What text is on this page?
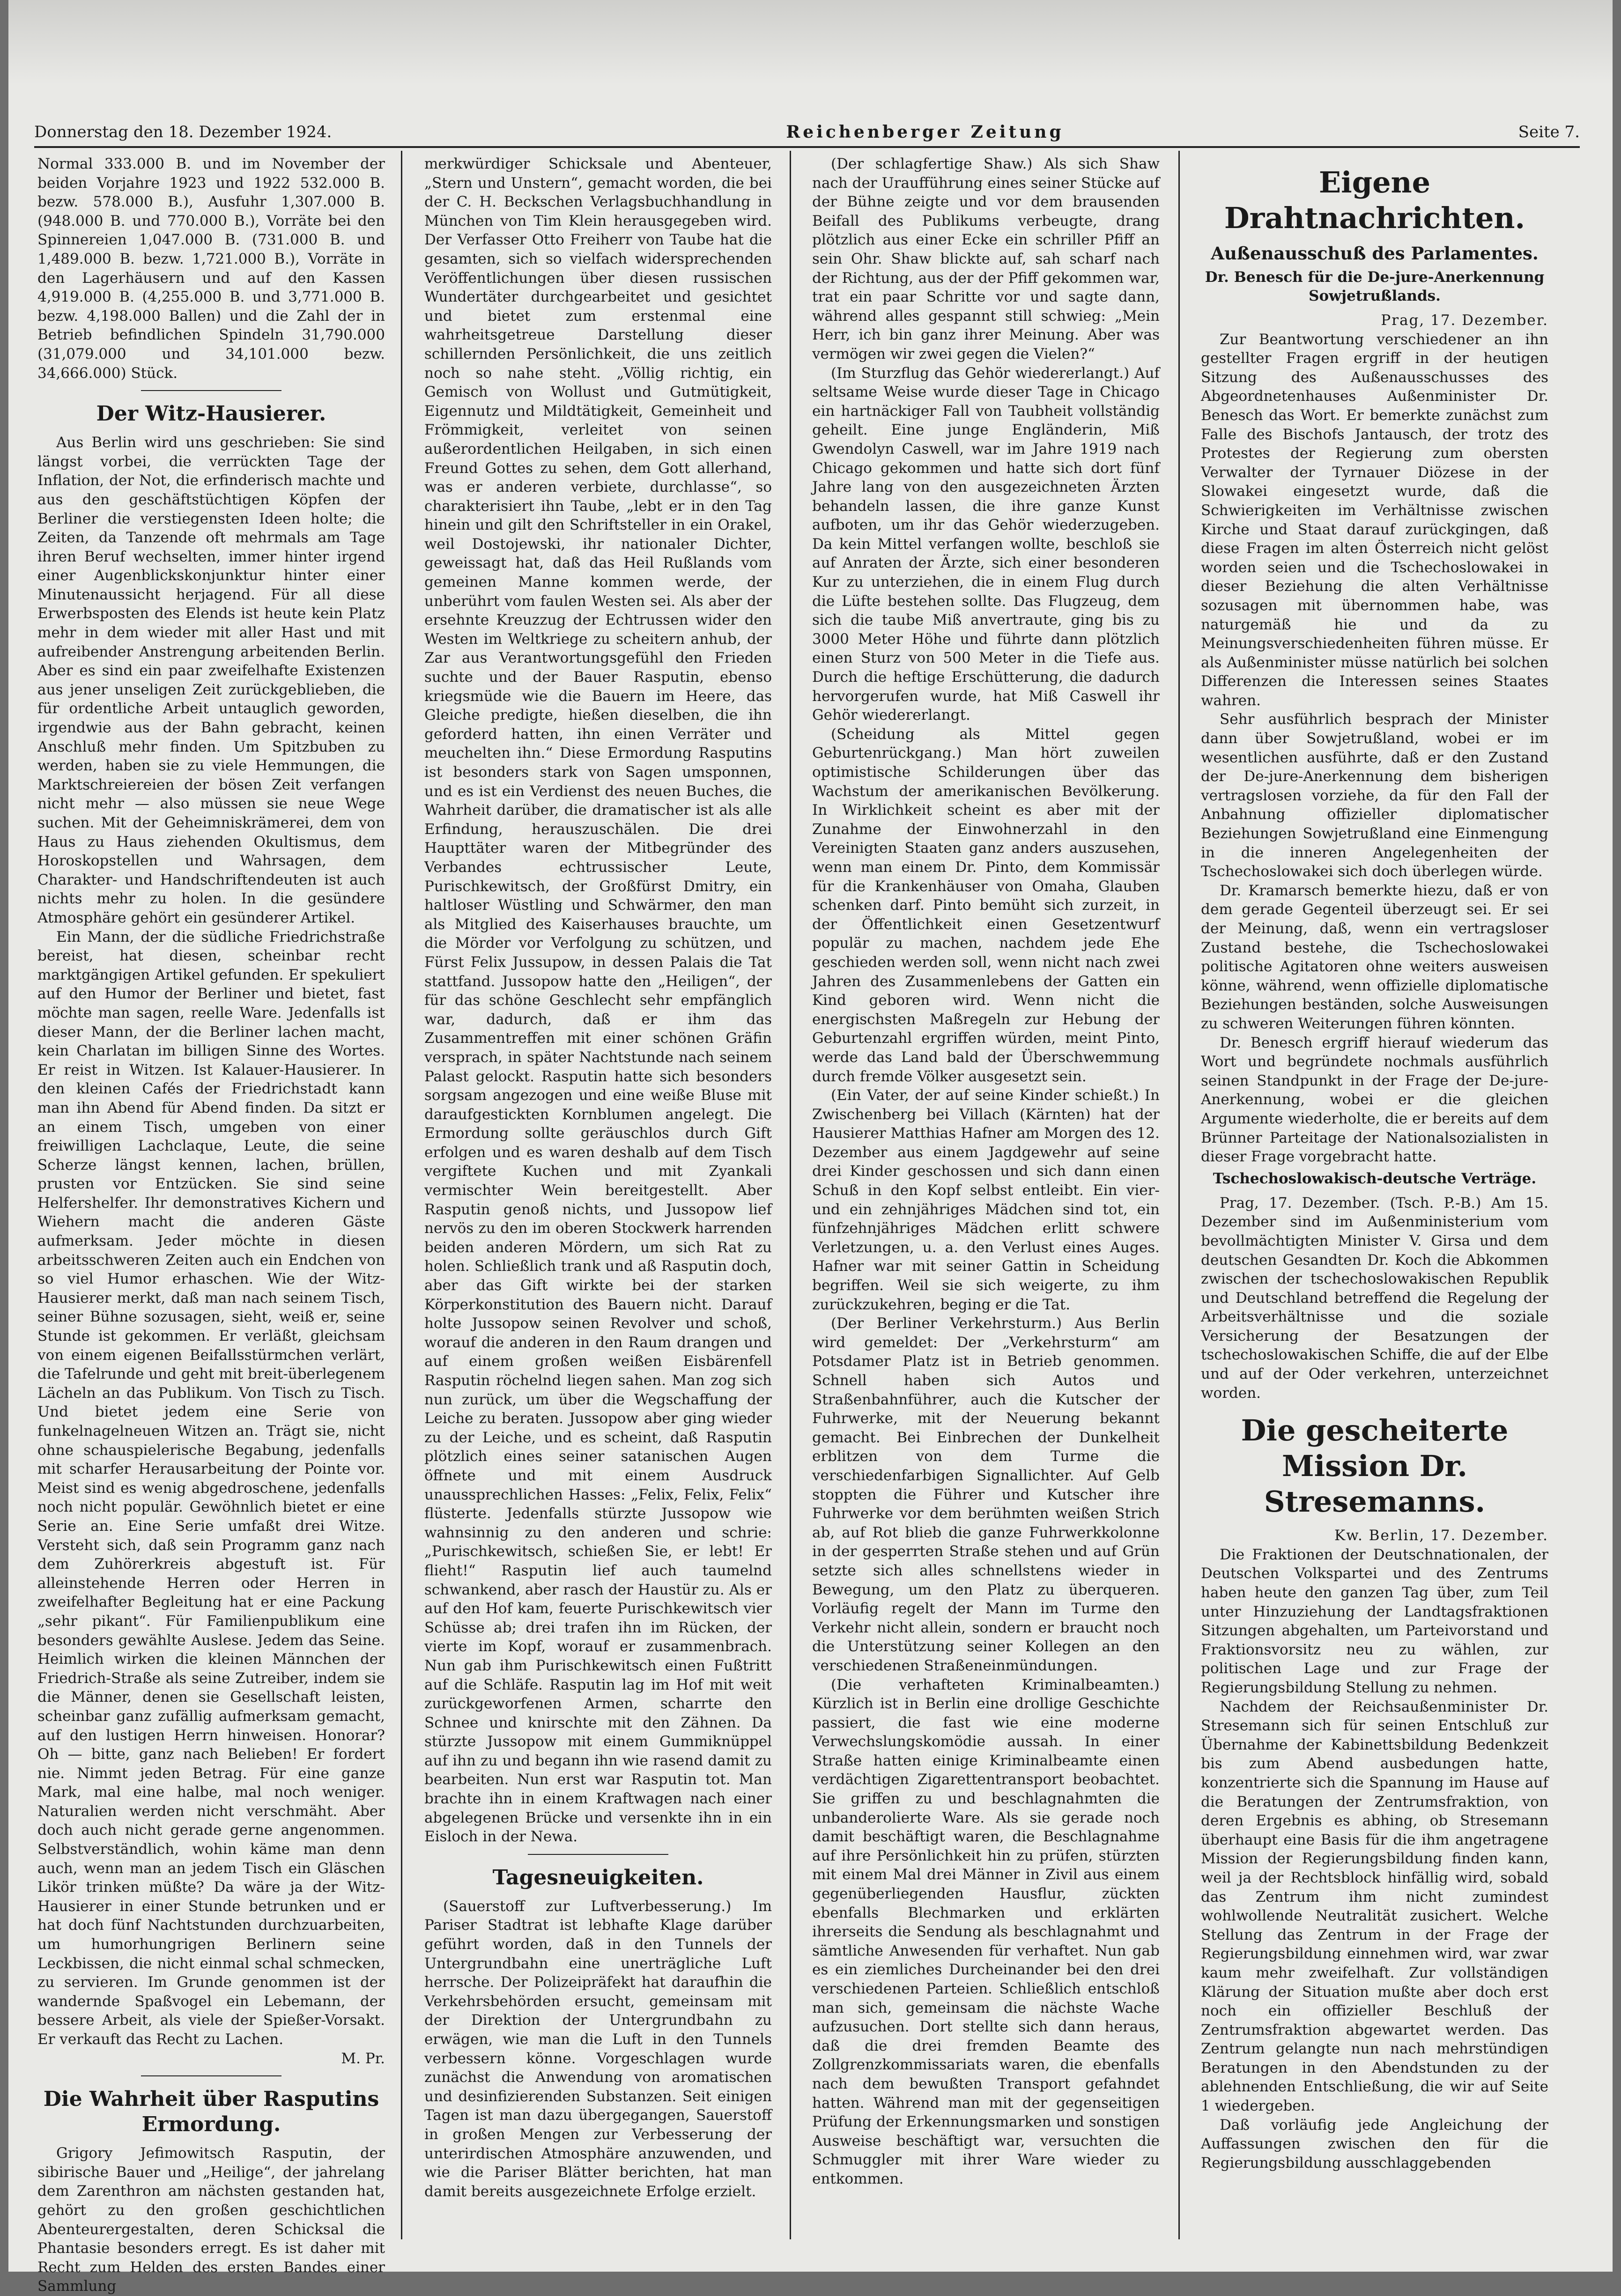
Donnerstag den 18. Dezember 1924.	Reichenberger Zeitung	Seite 7.

Normal 333.000 B. und im November der beiden Vorjahre 1923 und 1922 532.000 B. bezw. 578.000 B.), Ausfuhr 1,307.000 B. (948.000 B. und 770.000 B.), Vorräte bei den Spinnereien 1,047.000 B. (731.000 B. und 1,489.000 B. bezw. 1,721.000 B.), Vorräte in den Lagerhäusern und auf den Kassen 4,919.000 B. (4,255.000 B. und 3,771.000 B. bezw. 4,198.000 Ballen) und die Zahl der in Betrieb befindlichen Spindeln 31,790.000 (31,079.000 und 34,101.000 bezw. 34,666.000) Stück.

Der Witz-Hausierer.

Aus Berlin wird uns geschrieben: Sie sind längst vorbei, die verrückten Tage der Inflation, der Not, die erfinderisch machte und aus den geschäftstüchtigen Köpfen der Berliner die verstiegensten Ideen holte; die Zeiten, da Tanzende oft mehrmals am Tage ihren Beruf wechselten, immer hinter irgend einer Augenblickskonjunktur hinter einer Minutenaussicht herjagend. Für all diese Erwerbsposten des Elends ist heute kein Platz mehr in dem wieder mit aller Hast und mit aufreibender Anstrengung arbeitenden Berlin. Aber es sind ein paar zweifelhafte Existenzen aus jener unseligen Zeit zurückgeblieben, die für ordentliche Arbeit untauglich geworden, irgendwie aus der Bahn gebracht, keinen Anschluß mehr finden. Um Spitzbuben zu werden, haben sie zu viele Hemmungen, die Marktschreiereien der bösen Zeit verfangen nicht mehr — also müssen sie neue Wege suchen. Mit der Geheimniskrämerei, dem von Haus zu Haus ziehenden Okultismus, dem Horoskopstellen und Wahrsagen, dem Charakter- und Handschriftendeuten ist auch nichts mehr zu holen. In die gesündere Atmosphäre gehört ein gesünderer Artikel.

Ein Mann, der die südliche Friedrichstraße bereist, hat diesen, scheinbar recht marktgängigen Artikel gefunden. Er spekuliert auf den Humor der Berliner und bietet, fast möchte man sagen, reelle Ware. Jedenfalls ist dieser Mann, der die Berliner lachen macht, kein Charlatan im billigen Sinne des Wortes. Er reist in Witzen. Ist Kalauer-Hausierer. In den kleinen Cafés der Friedrichstadt kann man ihn Abend für Abend finden. Da sitzt er an einem Tisch, umgeben von einer freiwilligen Lachclaque, Leute, die seine Scherze längst kennen, lachen, brüllen, prusten vor Entzücken. Sie sind seine Helfershelfer. Ihr demonstratives Kichern und Wiehern macht die anderen Gäste aufmerksam. Jeder möchte in diesen arbeitsschweren Zeiten auch ein Endchen von so viel Humor erhaschen. Wie der Witz-Hausierer merkt, daß man nach seinem Tisch, seiner Bühne sozusagen, sieht, weiß er, seine Stunde ist gekommen. Er verläßt, gleichsam von einem eigenen Beifallsstürmchen verlärt, die Tafelrunde und geht mit breit-überlegenem Lächeln an das Publikum. Von Tisch zu Tisch. Und bietet jedem eine Serie von funkelnagelneuen Witzen an. Trägt sie, nicht ohne schauspielerische Begabung, jedenfalls mit scharfer Herausarbeitung der Pointe vor. Meist sind es wenig abgedroschene, jedenfalls noch nicht populär. Gewöhnlich bietet er eine Serie an. Eine Serie umfaßt drei Witze. Versteht sich, daß sein Programm ganz nach dem Zuhörerkreis abgestuft ist. Für alleinstehende Herren oder Herren in zweifelhafter Begleitung hat er eine Packung „sehr pikant“. Für Familienpublikum eine besonders gewählte Auslese. Jedem das Seine. Heimlich wirken die kleinen Männchen der Friedrich-Straße als seine Zutreiber, indem sie die Männer, denen sie Gesellschaft leisten, scheinbar ganz zufällig aufmerksam gemacht, auf den lustigen Herrn hinweisen. Honorar? Oh — bitte, ganz nach Belieben! Er fordert nie. Nimmt jeden Betrag. Für eine ganze Mark, mal eine halbe, mal noch weniger. Naturalien werden nicht verschmäht. Aber doch auch nicht gerade gerne angenommen. Selbstverständlich, wohin käme man denn auch, wenn man an jedem Tisch ein Gläschen Likör trinken müßte? Da wäre ja der Witz-Hausierer in einer Stunde betrunken und er hat doch fünf Nachtstunden durchzuarbeiten, um humorhungrigen Berlinern seine Leckbissen, die nicht einmal schal schmecken, zu servieren. Im Grunde genommen ist der wandernde Spaßvogel ein Lebemann, der bessere Arbeit, als viele der Spießer-Vorsakt. Er verkauft das Recht zu Lachen.

M. Pr.
Die Wahrheit über Rasputins Ermordung.

Grigory Jefimowitsch Rasputin, der sibirische Bauer und „Heilige“, der jahrelang dem Zarenthron am nächsten gestanden hat, gehört zu den großen geschichtlichen Abenteurergestalten, deren Schicksal die Phantasie besonders erregt. Es ist daher mit Recht zum Helden des ersten Bandes einer Sammlung

merkwürdiger Schicksale und Abenteuer, „Stern und Unstern“, gemacht worden, die bei der C. H. Beckschen Verlagsbuchhandlung in München von Tim Klein herausgegeben wird. Der Verfasser Otto Freiherr von Taube hat die gesamten, sich so vielfach widersprechenden Veröffentlichungen über diesen russischen Wundertäter durchgearbeitet und gesichtet und bietet zum erstenmal eine wahrheitsgetreue Darstellung dieser schillernden Persönlichkeit, die uns zeitlich noch so nahe steht. „Völlig richtig, ein Gemisch von Wollust und Gutmütigkeit, Eigennutz und Mildtätigkeit, Gemeinheit und Frömmigkeit, verleitet von seinen außerordentlichen Heilgaben, in sich einen Freund Gottes zu sehen, dem Gott allerhand, was er anderen verbiete, durchlasse“, so charakterisiert ihn Taube, „lebt er in den Tag hinein und gilt den Schriftsteller in ein Orakel, weil Dostojewski, ihr nationaler Dichter, geweissagt hat, daß das Heil Rußlands vom gemeinen Manne kommen werde, der unberührt vom faulen Westen sei. Als aber der ersehnte Kreuzzug der Echtrussen wider den Westen im Weltkriege zu scheitern anhub, der Zar aus Verantwortungsgefühl den Frieden suchte und der Bauer Rasputin, ebenso kriegsmüde wie die Bauern im Heere, das Gleiche predigte, hießen dieselben, die ihn geforderd hatten, ihn einen Verräter und meuchelten ihn.“ Diese Ermordung Rasputins ist besonders stark von Sagen umsponnen, und es ist ein Verdienst des neuen Buches, die Wahrheit darüber, die dramatischer ist als alle Erfindung, herauszuschälen. Die drei Haupttäter waren der Mitbegründer des Verbandes echtrussischer Leute, Purischkewitsch, der Großfürst Dmitry, ein haltloser Wüstling und Schwärmer, den man als Mitglied des Kaiserhauses brauchte, um die Mörder vor Verfolgung zu schützen, und Fürst Felix Jussupow, in dessen Palais die Tat stattfand. Jussopow hatte den „Heiligen“, der für das schöne Geschlecht sehr empfänglich war, dadurch, daß er ihm das Zusammentreffen mit einer schönen Gräfin versprach, in später Nachtstunde nach seinem Palast gelockt. Rasputin hatte sich besonders sorgsam angezogen und eine weiße Bluse mit daraufgestickten Kornblumen angelegt. Die Ermordung sollte geräuschlos durch Gift erfolgen und es waren deshalb auf dem Tisch vergiftete Kuchen und mit Zyankali vermischter Wein bereitgestellt. Aber Rasputin genoß nichts, und Jussopow lief nervös zu den im oberen Stockwerk harrenden beiden anderen Mördern, um sich Rat zu holen. Schließlich trank und aß Rasputin doch, aber das Gift wirkte bei der starken Körperkonstitution des Bauern nicht. Darauf holte Jussopow seinen Revolver und schoß, worauf die anderen in den Raum drangen und auf einem großen weißen Eisbärenfell Rasputin röchelnd liegen sahen. Man zog sich nun zurück, um über die Wegschaffung der Leiche zu beraten. Jussopow aber ging wieder zu der Leiche, und es scheint, daß Rasputin plötzlich eines seiner satanischen Augen öffnete und mit einem Ausdruck unaussprechlichen Hasses: „Felix, Felix, Felix“ flüsterte. Jedenfalls stürzte Jussopow wie wahnsinnig zu den anderen und schrie: „Purischkewitsch, schießen Sie, er lebt! Er flieht!“ Rasputin lief auch taumelnd schwankend, aber rasch der Haustür zu. Als er auf den Hof kam, feuerte Purischkewitsch vier Schüsse ab; drei trafen ihn im Rücken, der vierte im Kopf, worauf er zusammenbrach. Nun gab ihm Purischkewitsch einen Fußtritt auf die Schläfe. Rasputin lag im Hof mit weit zurückgeworfenen Armen, scharrte den Schnee und knirschte mit den Zähnen. Da stürzte Jussopow mit einem Gummiknüppel auf ihn zu und begann ihn wie rasend damit zu bearbeiten. Nun erst war Rasputin tot. Man brachte ihn in einem Kraftwagen nach einer abgelegenen Brücke und versenkte ihn in ein Eisloch in der Newa.

Tagesneuigkeiten.

(Sauerstoff zur Luftverbesserung.) Im Pariser Stadtrat ist lebhafte Klage darüber geführt worden, daß in den Tunnels der Untergrundbahn eine unerträgliche Luft herrsche. Der Polizeipräfekt hat daraufhin die Verkehrsbehörden ersucht, gemeinsam mit der Direktion der Untergrundbahn zu erwägen, wie man die Luft in den Tunnels verbessern könne. Vorgeschlagen wurde zunächst die Anwendung von aromatischen und desinfizierenden Substanzen. Seit einigen Tagen ist man dazu übergegangen, Sauerstoff in großen Mengen zur Verbesserung der unterirdischen Atmosphäre anzuwenden, und wie die Pariser Blätter berichten, hat man damit bereits ausgezeichnete Erfolge erzielt.

(Der schlagfertige Shaw.) Als sich Shaw nach der Uraufführung eines seiner Stücke auf der Bühne zeigte und vor dem brausenden Beifall des Publikums verbeugte, drang plötzlich aus einer Ecke ein schriller Pfiff an sein Ohr. Shaw blickte auf, sah scharf nach der Richtung, aus der der Pfiff gekommen war, trat ein paar Schritte vor und sagte dann, während alles gespannt still schwieg: „Mein Herr, ich bin ganz ihrer Meinung. Aber was vermögen wir zwei gegen die Vielen?“

(Im Sturzflug das Gehör wiedererlangt.) Auf seltsame Weise wurde dieser Tage in Chicago ein hartnäckiger Fall von Taubheit vollständig geheilt. Eine junge Engländerin, Miß Gwendolyn Caswell, war im Jahre 1919 nach Chicago gekommen und hatte sich dort fünf Jahre lang von den ausgezeichneten Ärzten behandeln lassen, die ihre ganze Kunst aufboten, um ihr das Gehör wiederzugeben. Da kein Mittel verfangen wollte, beschloß sie auf Anraten der Ärzte, sich einer besonderen Kur zu unterziehen, die in einem Flug durch die Lüfte bestehen sollte. Das Flugzeug, dem sich die taube Miß anvertraute, ging bis zu 3000 Meter Höhe und führte dann plötzlich einen Sturz von 500 Meter in die Tiefe aus. Durch die heftige Erschütterung, die dadurch hervorgerufen wurde, hat Miß Caswell ihr Gehör wiedererlangt.

(Scheidung als Mittel gegen Geburtenrückgang.) Man hört zuweilen optimistische Schilderungen über das Wachstum der amerikanischen Bevölkerung. In Wirklichkeit scheint es aber mit der Zunahme der Einwohnerzahl in den Vereinigten Staaten ganz anders auszusehen, wenn man einem Dr. Pinto, dem Kommissär für die Krankenhäuser von Omaha, Glauben schenken darf. Pinto bemüht sich zurzeit, in der Öffentlichkeit einen Gesetzentwurf populär zu machen, nachdem jede Ehe geschieden werden soll, wenn nicht nach zwei Jahren des Zusammenlebens der Gatten ein Kind geboren wird. Wenn nicht die energischsten Maßregeln zur Hebung der Geburtenzahl ergriffen würden, meint Pinto, werde das Land bald der Überschwemmung durch fremde Völker ausgesetzt sein.

(Ein Vater, der auf seine Kinder schießt.) In Zwischenberg bei Villach (Kärnten) hat der Hausierer Matthias Hafner am Morgen des 12. Dezember aus einem Jagdgewehr auf seine drei Kinder geschossen und sich dann einen Schuß in den Kopf selbst entleibt. Ein vier- und ein zehnjähriges Mädchen sind tot, ein fünfzehnjähriges Mädchen erlitt schwere Verletzungen, u. a. den Verlust eines Auges. Hafner war mit seiner Gattin in Scheidung begriffen. Weil sie sich weigerte, zu ihm zurückzukehren, beging er die Tat.

(Der Berliner Verkehrsturm.) Aus Berlin wird gemeldet: Der „Verkehrsturm“ am Potsdamer Platz ist in Betrieb genommen. Schnell haben sich Autos und Straßenbahnführer, auch die Kutscher der Fuhrwerke, mit der Neuerung bekannt gemacht. Bei Einbrechen der Dunkelheit erblitzen von dem Turme die verschiedenfarbigen Signallichter. Auf Gelb stoppten die Führer und Kutscher ihre Fuhrwerke vor dem berühmten weißen Strich ab, auf Rot blieb die ganze Fuhrwerkkolonne in der gesperrten Straße stehen und auf Grün setzte sich alles schnellstens wieder in Bewegung, um den Platz zu überqueren. Vorläufig regelt der Mann im Turme den Verkehr nicht allein, sondern er braucht noch die Unterstützung seiner Kollegen an den verschiedenen Straßeneinmündungen.

(Die verhafteten Kriminalbeamten.) Kürzlich ist in Berlin eine drollige Geschichte passiert, die fast wie eine moderne Verwechslungskomödie aussah. In einer Straße hatten einige Kriminalbeamte einen verdächtigen Zigarettentransport beobachtet. Sie griffen zu und beschlagnahmten die unbanderolierte Ware. Als sie gerade noch damit beschäftigt waren, die Beschlagnahme auf ihre Persönlichkeit hin zu prüfen, stürzten mit einem Mal drei Männer in Zivil aus einem gegenüberliegenden Hausflur, zückten ebenfalls Blechmarken und erklärten ihrerseits die Sendung als beschlagnahmt und sämtliche Anwesenden für verhaftet. Nun gab es ein ziemliches Durcheinander bei den drei verschiedenen Parteien. Schließlich entschloß man sich, gemeinsam die nächste Wache aufzusuchen. Dort stellte sich dann heraus, daß die drei fremden Beamte des Zollgrenzkommissariats waren, die ebenfalls nach dem bewußten Transport gefahndet hatten. Während man mit der gegenseitigen Prüfung der Erkennungsmarken und sonstigen Ausweise beschäftigt war, versuchten die Schmuggler mit ihrer Ware wieder zu entkommen.

Eigene Drahtnachrichten.
Außenausschuß des Parlamentes.
Dr. Benesch für die De-jure-Anerkennung Sowjetrußlands.
Prag, 17. Dezember.

Zur Beantwortung verschiedener an ihn gestellter Fragen ergriff in der heutigen Sitzung des Außenausschusses des Abgeordnetenhauses Außenminister Dr. Benesch das Wort. Er bemerkte zunächst zum Falle des Bischofs Jantausch, der trotz des Protestes der Regierung zum obersten Verwalter der Tyrnauer Diözese in der Slowakei eingesetzt wurde, daß die Schwierigkeiten im Verhältnisse zwischen Kirche und Staat darauf zurückgingen, daß diese Fragen im alten Österreich nicht gelöst worden seien und die Tschechoslowakei in dieser Beziehung die alten Verhältnisse sozusagen mit übernommen habe, was naturgemäß hie und da zu Meinungsverschiedenheiten führen müsse. Er als Außenminister müsse natürlich bei solchen Differenzen die Interessen seines Staates wahren.

Sehr ausführlich besprach der Minister dann über Sowjetrußland, wobei er im wesentlichen ausführte, daß er den Zustand der De-jure-Anerkennung dem bisherigen vertragslosen vorziehe, da für den Fall der Anbahnung offizieller diplomatischer Beziehungen Sowjetrußland eine Einmengung in die inneren Angelegenheiten der Tschechoslowakei sich doch überlegen würde.

Dr. Kramarsch bemerkte hiezu, daß er von dem gerade Gegenteil überzeugt sei. Er sei der Meinung, daß, wenn ein vertragsloser Zustand bestehe, die Tschechoslowakei politische Agitatoren ohne weiters ausweisen könne, während, wenn offizielle diplomatische Beziehungen beständen, solche Ausweisungen zu schweren Weiterungen führen könnten.

Dr. Benesch ergriff hierauf wiederum das Wort und begründete nochmals ausführlich seinen Standpunkt in der Frage der De-jure-Anerkennung, wobei er die gleichen Argumente wiederholte, die er bereits auf dem Brünner Parteitage der Nationalsozialisten in dieser Frage vorgebracht hatte.

Tschechoslowakisch-deutsche Verträge.

Prag, 17. Dezember. (Tsch. P.-B.) Am 15. Dezember sind im Außenministerium vom bevollmächtigten Minister V. Girsa und dem deutschen Gesandten Dr. Koch die Abkommen zwischen der tschechoslowakischen Republik und Deutschland betreffend die Regelung der Arbeitsverhältnisse und die soziale Versicherung der Besatzungen der tschechoslowakischen Schiffe, die auf der Elbe und auf der Oder verkehren, unterzeichnet worden.

Die gescheiterte Mission Dr. Stresemanns.
Kw. Berlin, 17. Dezember.

Die Fraktionen der Deutschnationalen, der Deutschen Volkspartei und des Zentrums haben heute den ganzen Tag über, zum Teil unter Hinzuziehung der Landtagsfraktionen Sitzungen abgehalten, um Parteivorstand und Fraktionsvorsitz neu zu wählen, zur politischen Lage und zur Frage der Regierungsbildung Stellung zu nehmen.

Nachdem der Reichsaußenminister Dr. Stresemann sich für seinen Entschluß zur Übernahme der Kabinettsbildung Bedenkzeit bis zum Abend ausbedungen hatte, konzentrierte sich die Spannung im Hause auf die Beratungen der Zentrumsfraktion, von deren Ergebnis es abhing, ob Stresemann überhaupt eine Basis für die ihm angetragene Mission der Regierungsbildung finden kann, weil ja der Rechtsblock hinfällig wird, sobald das Zentrum ihm nicht zumindest wohlwollende Neutralität zusichert. Welche Stellung das Zentrum in der Frage der Regierungsbildung einnehmen wird, war zwar kaum mehr zweifelhaft. Zur vollständigen Klärung der Situation mußte aber doch erst noch ein offizieller Beschluß der Zentrumsfraktion abgewartet werden. Das Zentrum gelangte nun nach mehrstündigen Beratungen in den Abendstunden zu der ablehnenden Entschließung, die wir auf Seite 1 wiedergeben.

Daß vorläufig jede Angleichung der Auffassungen zwischen den für die Regierungsbildung ausschlaggebenden
